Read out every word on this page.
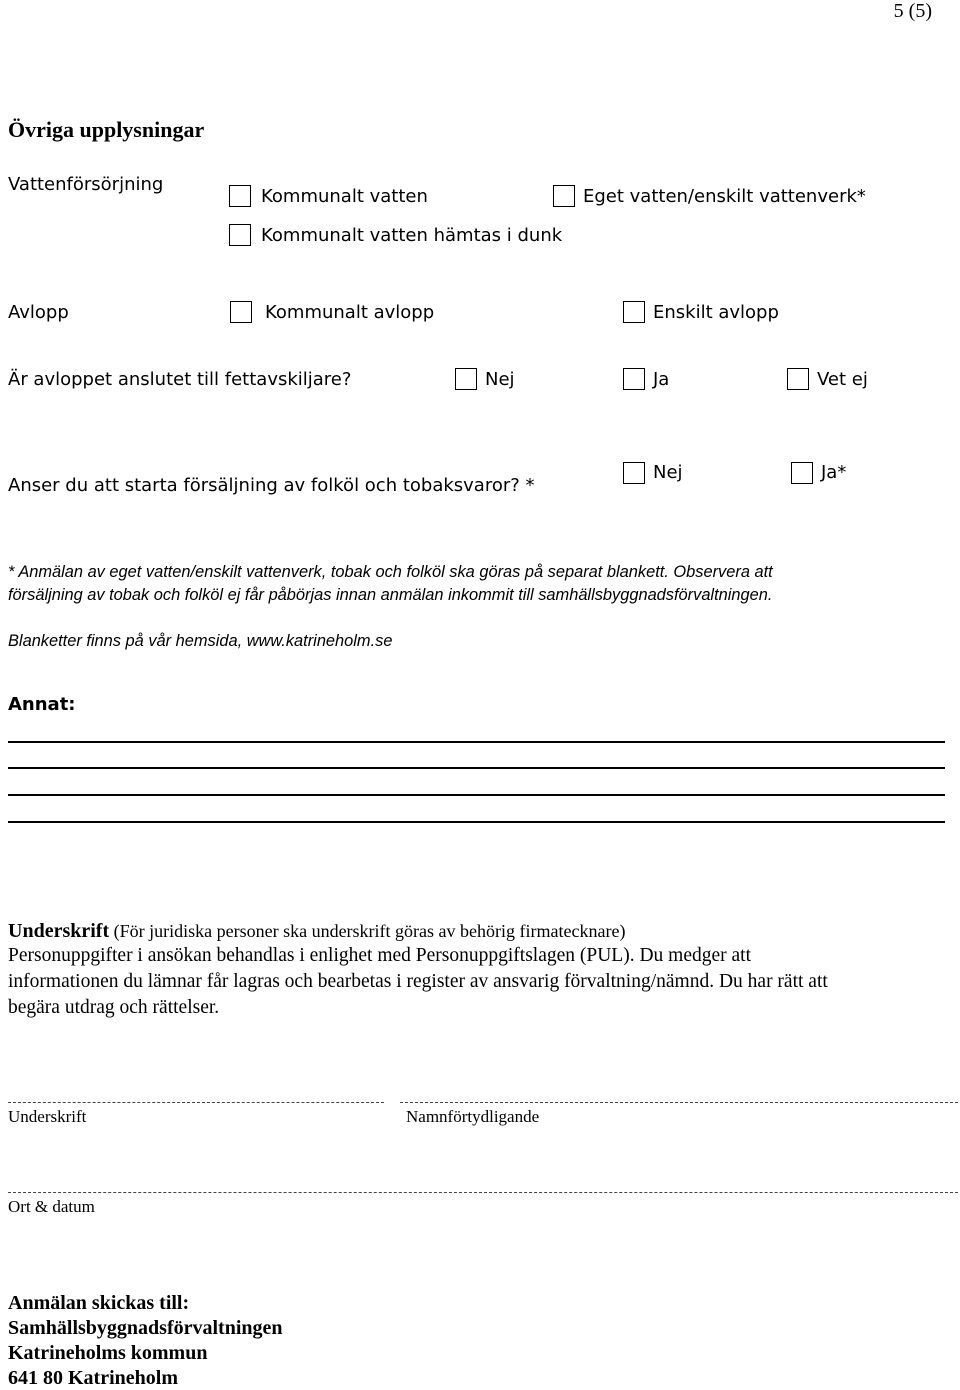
5 (5)
Övriga upplysningar
Vattenförsörjning
Kommunalt vatten	Eget vatten/enskilt vattenverk*
Kommunalt vatten hämtas i dunk
Avlopp	Kommunalt avlopp	Enskilt avlopp
Är avloppet anslutet till fettavskiljare?	Nej	Ja	Vet ej
Anser du att starta försäljning av folköl och tobaksvaror? *
Nej	Ja*
* Anmälan av eget vatten/enskilt vattenverk, tobak och folköl ska göras på separat blankett. Observera att
försäljning av tobak och folköl ej får påbörjas innan anmälan inkommit till samhällsbyggnadsförvaltningen.
Blanketter finns på vår hemsida, www.katrineholm.se
Annat:
Underskrift (För juridiska personer ska underskrift göras av behörig firmatecknare)
Personuppgifter i ansökan behandlas i enlighet med Personuppgiftslagen (PUL). Du medger att
informationen du lämnar får lagras och bearbetas i register av ansvarig förvaltning/nämnd. Du har rätt att
begära utdrag och rättelser.
Underskrift	Namnförtydligande
Ort & datum
Anmälan skickas till:
Samhällsbyggnadsförvaltningen
Katrineholms kommun
641 80 Katrineholm
